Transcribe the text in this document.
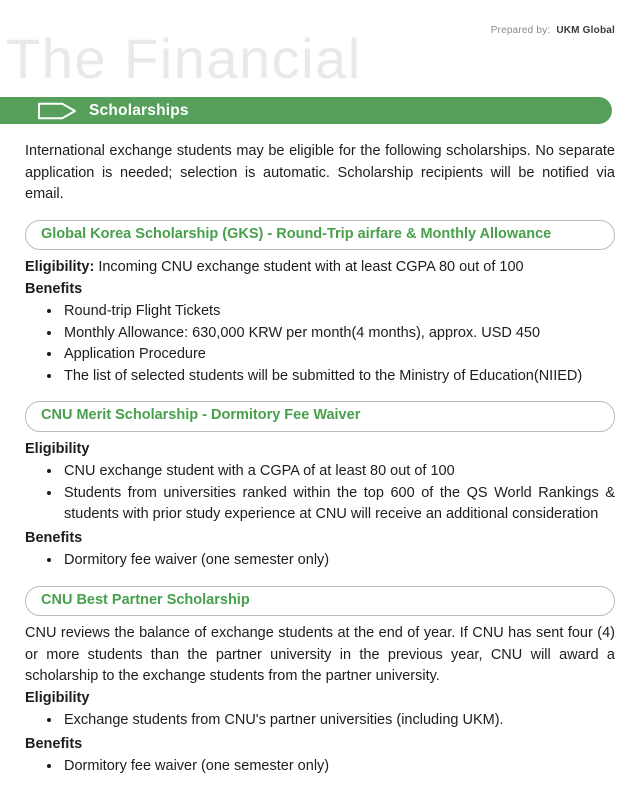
Prepared by: UKM Global
The Financial
Scholarships

International exchange students may be eligible for the following scholarships. No separate application is needed; selection is automatic. Scholarship recipients will be notified via email.

Global Korea Scholarship (GKS) - Round-Trip airfare & Monthly Allowance

Eligibility: Incoming CNU exchange student with at least CGPA 80 out of 100

Benefits

• Round-trip Flight Tickets
• Monthly Allowance: 630,000 KRW per month(4 months), approx. USD 450
• Application Procedure
• The list of selected students will be submitted to the Ministry of Education(NIIED)
CNU Merit Scholarship - Dormitory Fee Waiver

Eligibility

• CNU exchange student with a CGPA of at least 80 out of 100
• Students from universities ranked within the top 600 of the QS World Rankings & students with prior study experience at CNU will receive an additional consideration

Benefits

• Dormitory fee waiver (one semester only)
CNU Best Partner Scholarship

CNU reviews the balance of exchange students at the end of year. If CNU has sent four (4) or more students than the partner university in the previous year, CNU will award a scholarship to the exchange students from the partner university.

Eligibility

• Exchange students from CNU's partner universities (including UKM).

Benefits

• Dormitory fee waiver (one semester only)
